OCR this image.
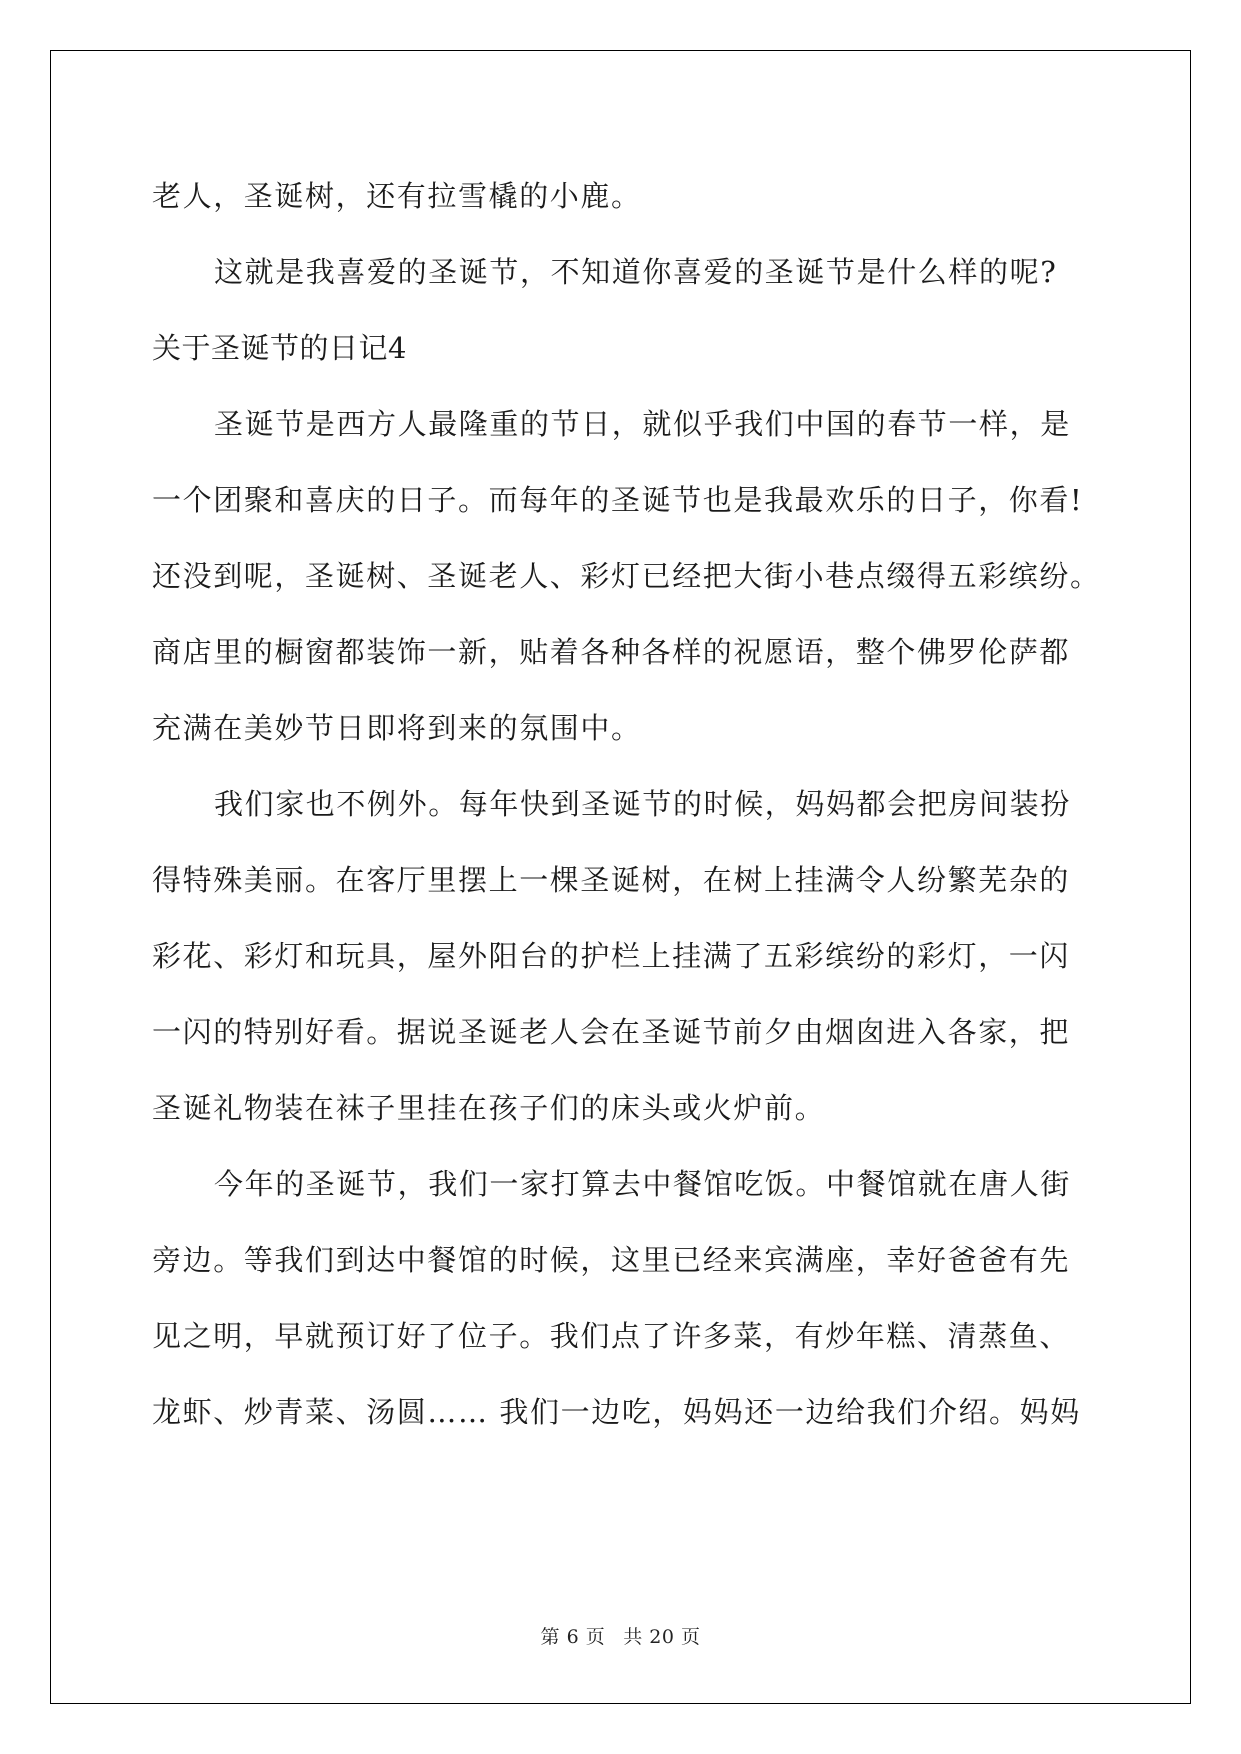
老人，圣诞树，还有拉雪橇的小鹿。
这就是我喜爱的圣诞节，不知道你喜爱的圣诞节是什么样的呢?
关于圣诞节的日记4
圣诞节是西方人最隆重的节日，就似乎我们中国的春节一样，是
一个团聚和喜庆的日子。而每年的圣诞节也是我最欢乐的日子，你看!
还没到呢，圣诞树、圣诞老人、彩灯已经把大街小巷点缀得五彩缤纷。
商店里的橱窗都装饰一新，贴着各种各样的祝愿语，整个佛罗伦萨都
充满在美妙节日即将到来的氛围中。
我们家也不例外。每年快到圣诞节的时候，妈妈都会把房间装扮
得特殊美丽。在客厅里摆上一棵圣诞树，在树上挂满令人纷繁芜杂的
彩花、彩灯和玩具，屋外阳台的护栏上挂满了五彩缤纷的彩灯，一闪
一闪的特别好看。据说圣诞老人会在圣诞节前夕由烟囱进入各家，把
圣诞礼物装在袜子里挂在孩子们的床头或火炉前。
今年的圣诞节，我们一家打算去中餐馆吃饭。中餐馆就在唐人街
旁边。等我们到达中餐馆的时候，这里已经来宾满座，幸好爸爸有先
见之明，早就预订好了位子。我们点了许多菜，有炒年糕、清蒸鱼、
龙虾、炒青菜、汤圆…… 我们一边吃，妈妈还一边给我们介绍。妈妈
第 6 页 共 20 页
